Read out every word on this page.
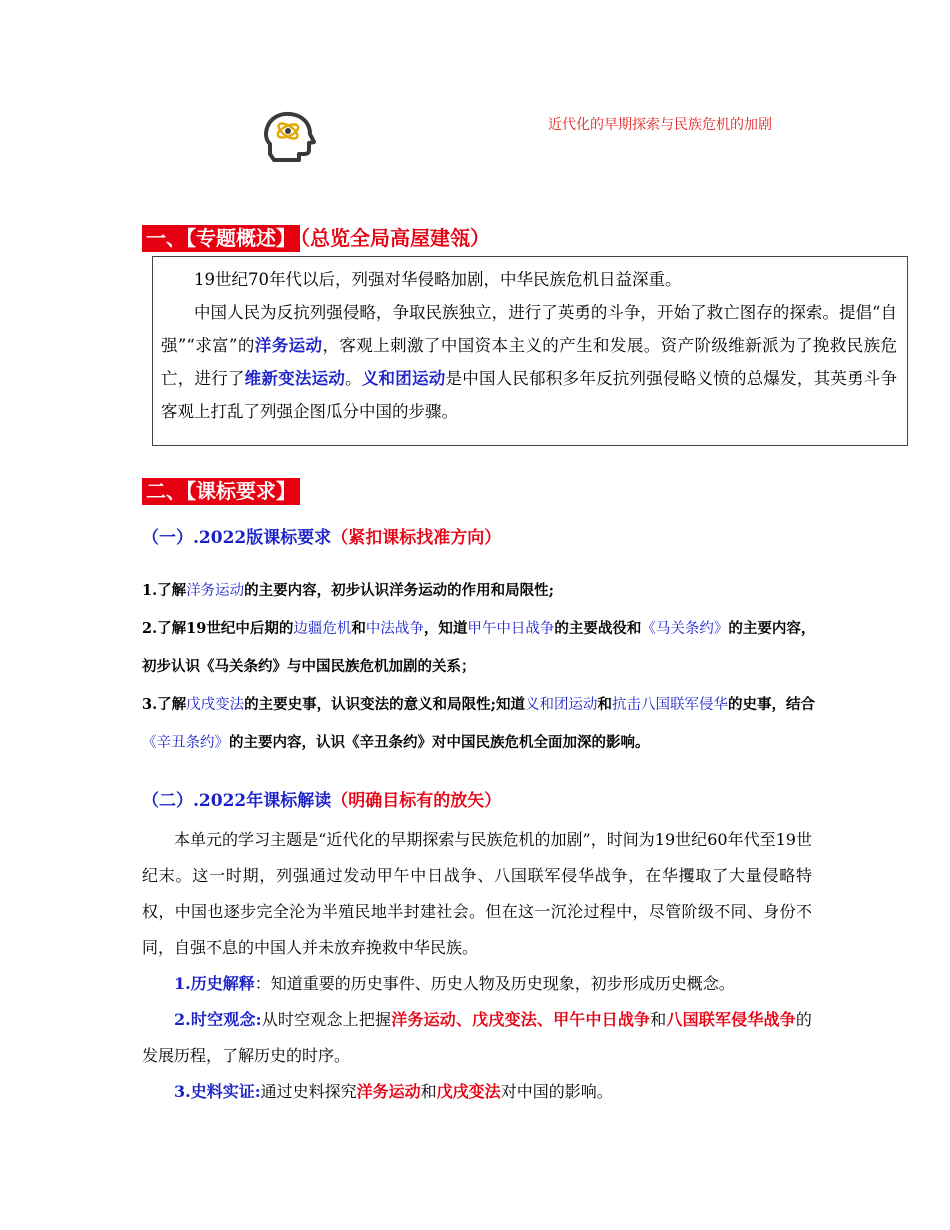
近代化的早期探索与民族危机的加剧
一、【专题概述】 （总览全局高屋建瓴）

19世纪70年代以后，列强对华侵略加剧，中华民族危机日益深重。

中国人民为反抗列强侵略，争取民族独立，进行了英勇的斗争，开始了救亡图存的探索。提倡“自强”“求富”的洋务运动，客观上刺激了中国资本主义的产生和发展。资产阶级维新派为了挽救民族危亡，进行了维新变法运动。义和团运动是中国人民郁积多年反抗列强侵略义愤的总爆发，其英勇斗争客观上打乱了列强企图瓜分中国的步骤。

二、【课标要求】
（一）.2022版课标要求（紧扣课标找准方向）
1.了解洋务运动的主要内容，初步认识洋务运动的作用和局限性;
2.了解19世纪中后期的边疆危机和中法战争，知道甲午中日战争的主要战役和《马关条约》的主要内容，初步认识《马关条约》与中国民族危机加剧的关系；
3.了解戊戌变法的主要史事，认识变法的意义和局限性;知道义和团运动和抗击八国联军侵华的史事，结合《辛丑条约》的主要内容，认识《辛丑条约》对中国民族危机全面加深的影响。
（二）.2022年课标解读（明确目标有的放矢）

本单元的学习主题是“近代化的早期探索与民族危机的加剧”，时间为19世纪60年代至19世纪末。这一时期，列强通过发动甲午中日战争、八国联军侵华战争，在华攫取了大量侵略特权，中国也逐步完全沦为半殖民地半封建社会。但在这一沉沦过程中，尽管阶级不同、身份不同，自强不息的中国人并未放弃挽救中华民族。

1.历史解释：知道重要的历史事件、历史人物及历史现象，初步形成历史概念。

2.时空观念:从时空观念上把握洋务运动、戊戌变法、甲午中日战争和八国联军侵华战争的发展历程，了解历史的时序。

3.史料实证:通过史料探究洋务运动和戊戌变法对中国的影响。
